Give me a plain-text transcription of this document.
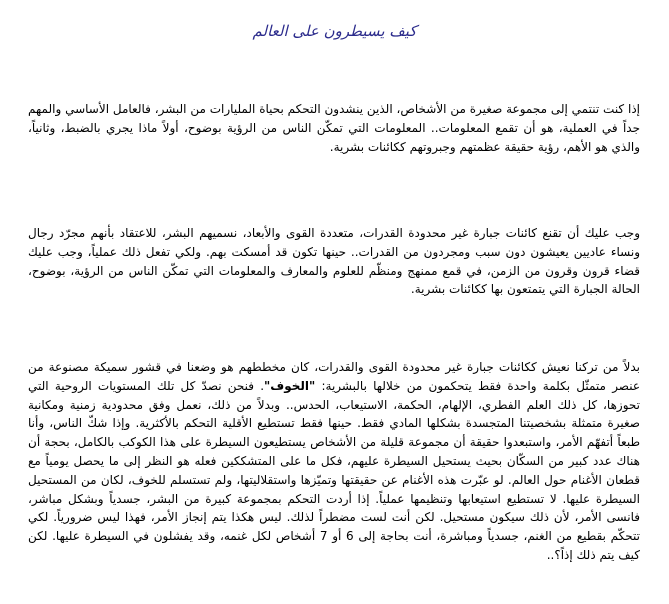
كيف يسيطرون على العالم

إذا كنت تنتمي إلى مجموعة صغيرة من الأشخاص، الذين ينشدون التحكم بحياة المليارات من البشر، فالعامل الأساسي والمهم جداً في العملية، هو أن تقمع المعلومات.. المعلومات التي تمكّن الناس من الرؤية بوضوح، أولاً ماذا يجري بالضبط، وثانياً، والذي هو الأهم، رؤية حقيقة عظمتهم وجبروتهم ككائنات بشرية.

وجب عليك أن تقنع كائنات جبارة غير محدودة القدرات، متعددة القوى والأبعاد، نسميهم البشر، للاعتقاد بأنهم مجرّد رجال ونساء عاديين يعيشون دون سبب ومجردون من القدرات.. حينها تكون قد أمسكت بهم. ولكي تفعل ذلك عملياً، وجب عليك قضاء قرون وقرون من الزمن، في قمع ممنهج ومنظّم للعلوم والمعارف والمعلومات التي تمكّن الناس من الرؤية، بوضوح، الحالة الجبارة التي يتمتعون بها ككائنات بشرية.

بدلاً من تركنا نعيش ككائنات جبارة غير محدودة القوى والقدرات، كان مخططهم هو وضعنا في قشور سميكة مصنوعة من عنصر متمثّل بكلمة واحدة فقط يتحكمون من خلالها بالبشرية: "الخوف". فنحن نصدّ كل تلك المستويات الروحية التي تحوزها، كل ذلك العلم الفطري، الإلهام، الحكمة، الاستيعاب، الحدس.. وبدلاً من ذلك، نعمل وفق محدودية زمنية ومكانية صغيرة متمثلة بشخصيتنا المتجسدة بشكلها المادي فقط. حينها فقط تستطيع الأقلية التحكم بالأكثرية. وإذا شكّ الناس، وأنا طبعاً أتفهّم الأمر، واستبعدوا حقيقة أن مجموعة قليلة من الأشخاص يستطيعون السيطرة على هذا الكوكب بالكامل، بحجة أن هناك عدد كبير من السكّان بحيث يستحيل السيطرة عليهم، فكل ما على المتشككين فعله هو النظر إلى ما يحصل يومياً مع قطعان الأغنام حول العالم. لو عبّرت هذه الأغنام عن حقيقتها وتميّزها واستقلاليتها، ولم تستسلم للخوف، لكان من المستحيل السيطرة عليها. لا تستطيع استيعابها وتنظيمها عملياً. إذا أردت التحكم بمجموعة كبيرة من البشر، جسدياً وبشكل مباشر، فانسى الأمر، لأن ذلك سيكون مستحيل. لكن أنت لست مضطراً لذلك. ليس هكذا يتم إنجاز الأمر، فهذا ليس ضرورياً. لكي تتحكّم بقطيع من الغنم، جسدياً ومباشرة، أنت بحاجة إلى 6 أو 7 أشخاص لكل غنمه، وقد يفشلون في السيطرة عليها. لكن كيف يتم ذلك إذاً؟..
